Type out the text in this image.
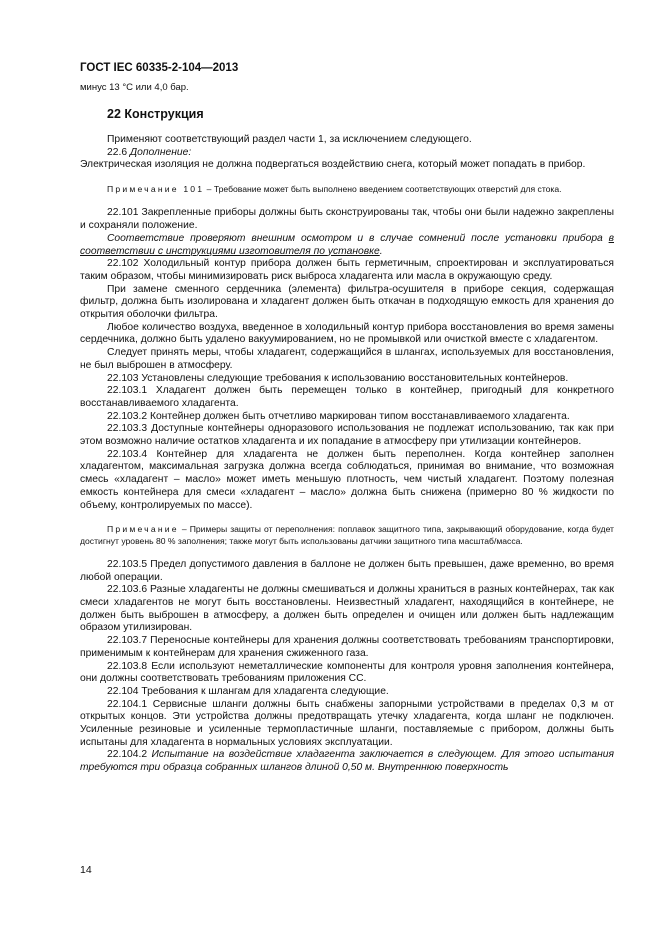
ГОСТ IEC 60335-2-104—2013
минус 13 °С или 4,0 бар.
22 Конструкция

Применяют соответствующий раздел части 1, за исключением следующего.

22.6 Дополнение:

Электрическая изоляция не должна подвергаться воздействию снега, который может попадать в прибор.

Примечание 101 – Требование может быть выполнено введением соответствующих отверстий для стока.

22.101 Закрепленные приборы должны быть сконструированы так, чтобы они были надежно закреплены и сохраняли положение.

Соответствие проверяют внешним осмотром и в случае сомнений после установки прибора в соответствии с инструкциями изготовителя по установке.

22.102 Холодильный контур прибора должен быть герметичным, спроектирован и эксплуатироваться таким образом, чтобы минимизировать риск выброса хладагента или масла в окружающую среду.

При замене сменного сердечника (элемента) фильтра-осушителя в приборе секция, содержащая фильтр, должна быть изолирована и хладагент должен быть откачан в подходящую емкость для хранения до открытия оболочки фильтра.

Любое количество воздуха, введенное в холодильный контур прибора восстановления во время замены сердечника, должно быть удалено вакуумированием, но не промывкой или очисткой вместе с хладагентом.

Следует принять меры, чтобы хладагент, содержащийся в шлангах, используемых для восстановления, не был выброшен в атмосферу.

22.103 Установлены следующие требования к использованию восстановительных контейнеров.

22.103.1 Хладагент должен быть перемещен только в контейнер, пригодный для конкретного восстанавливаемого хладагента.

22.103.2 Контейнер должен быть отчетливо маркирован типом восстанавливаемого хладагента.

22.103.3 Доступные контейнеры одноразового использования не подлежат использованию, так как при этом возможно наличие остатков хладагента и их попадание в атмосферу при утилизации контейнеров.

22.103.4 Контейнер для хладагента не должен быть переполнен. Когда контейнер заполнен хладагентом, максимальная загрузка должна всегда соблюдаться, принимая во внимание, что возможная смесь «хладагент – масло» может иметь меньшую плотность, чем чистый хладагент. Поэтому полезная емкость контейнера для смеси «хладагент – масло» должна быть снижена (примерно 80 % жидкости по объему, контролируемых по массе).

Примечание – Примеры защиты от переполнения: поплавок защитного типа, закрывающий оборудование, когда будет достигнут уровень 80 % заполнения; также могут быть использованы датчики защитного типа масштаб/масса.

22.103.5 Предел допустимого давления в баллоне не должен быть превышен, даже временно, во время любой операции.

22.103.6 Разные хладагенты не должны смешиваться и должны храниться в разных контейнерах, так как смеси хладагентов не могут быть восстановлены. Неизвестный хладагент, находящийся в контейнере, не должен быть выброшен в атмосферу, а должен быть определен и очищен или должен быть надлежащим образом утилизирован.

22.103.7 Переносные контейнеры для хранения должны соответствовать требованиям транспортировки, применимым к контейнерам для хранения сжиженного газа.

22.103.8 Если используют неметаллические компоненты для контроля уровня заполнения контейнера, они должны соответствовать требованиям приложения СС.

22.104 Требования к шлангам для хладагента следующие.

22.104.1 Сервисные шланги должны быть снабжены запорными устройствами в пределах 0,3 м от открытых концов. Эти устройства должны предотвращать утечку хладагента, когда шланг не подключен. Усиленные резиновые и усиленные термопластичные шланги, поставляемые с прибором, должны быть испытаны для хладагента в нормальных условиях эксплуатации.

22.104.2 Испытание на воздействие хладагента заключается в следующем. Для этого испытания требуются три образца собранных шлангов длиной 0,50 м. Внутреннюю поверхность

14
